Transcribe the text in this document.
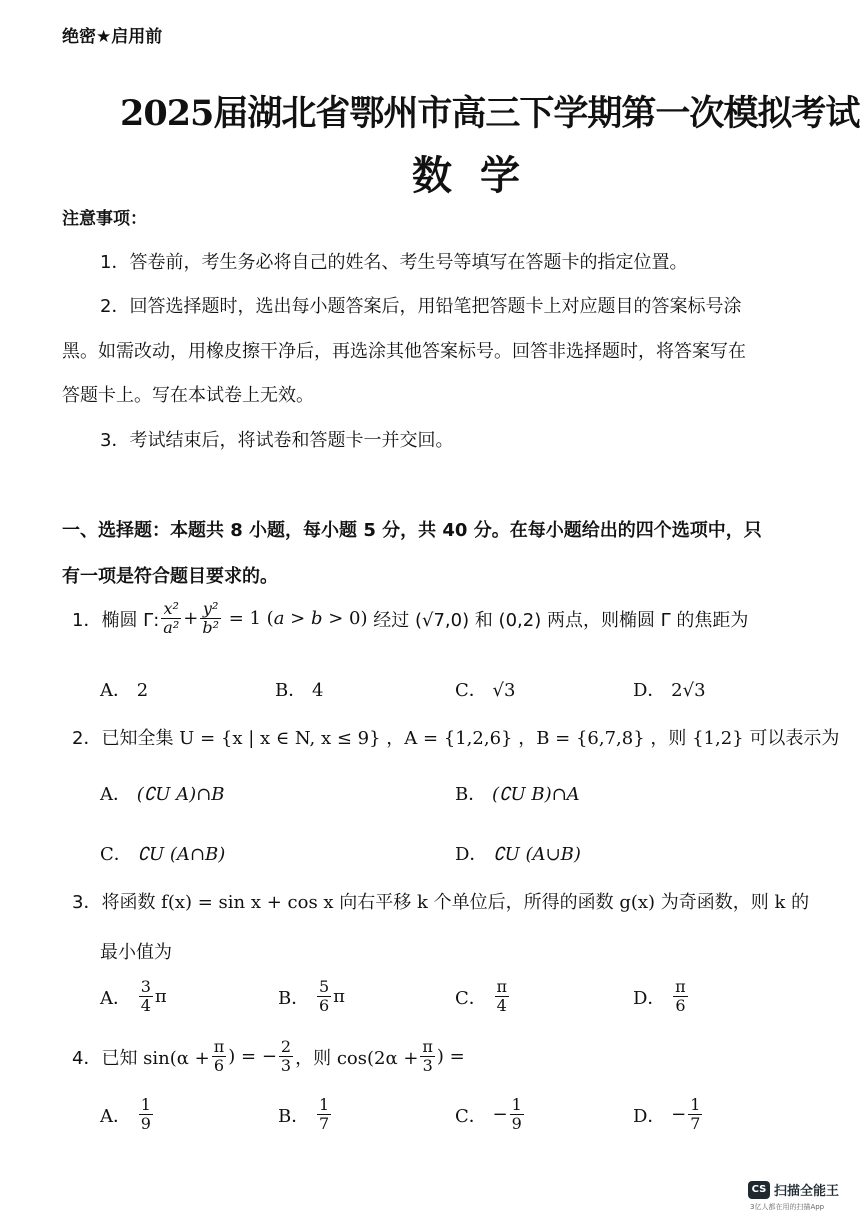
绝密★启用前
2025届湖北省鄂州市高三下学期第一次模拟考试
数学
注意事项：
1．答卷前，考生务必将自己的姓名、考生号等填写在答题卡的指定位置。
2．回答选择题时，选出每小题答案后，用铅笔把答题卡上对应题目的答案标号涂
黑。如需改动，用橡皮擦干净后，再选涂其他答案标号。回答非选择题时，将答案写在
答题卡上。写在本试卷上无效。
3．考试结束后，将试卷和答题卡一并交回。
一、选择题：本题共 8 小题，每小题 5 分，共 40 分。在每小题给出的四个选项中，只
有一项是符合题目要求的。
1． 椭圆 Γ: $\frac{\text{x²}}{\text{a²}} + \frac{\text{y²}}{\text{b²}} = 1$ (a > b > 0) 经过 (√7,0) 和 (0,2) 两点，则椭圆 Γ 的焦距为
A． 2	B． 4	C． √3	D． 2√3
2．已知全集 U = {x | x ∈ N, x ≤ 9} ，A = {1,2,6} ，B = {6,7,8} ，则 {1,2} 可以表示为
A． (∁U A)∩B	B． (∁U B)∩A
C． ∁U (A∩B)	D． ∁U (A∪B)
3．将函数 f(x) = sin x + cos x 向右平移 k 个单位后，所得的函数 g(x) 为奇函数，则 k 的
最小值为
A．
$\frac{3}{4}$ π	B．
$\frac{5}{6}$ π	C．
$\frac{\pi}{4}$	D．
$\frac{\pi}{6}$
4． 已知 $\sin(\alpha + \frac{\pi}{6}$ ) = − $\frac{2}{3}$ ，则 $\cos(2\alpha + \frac{\pi}{3}$ ) =
A．
$\frac{1}{9}$	B．
$\frac{1}{7}$	C．
− $\frac{1}{9}$	D．
− $\frac{1}{7}$
CS 扫描全能王
3亿人都在用的扫描App
